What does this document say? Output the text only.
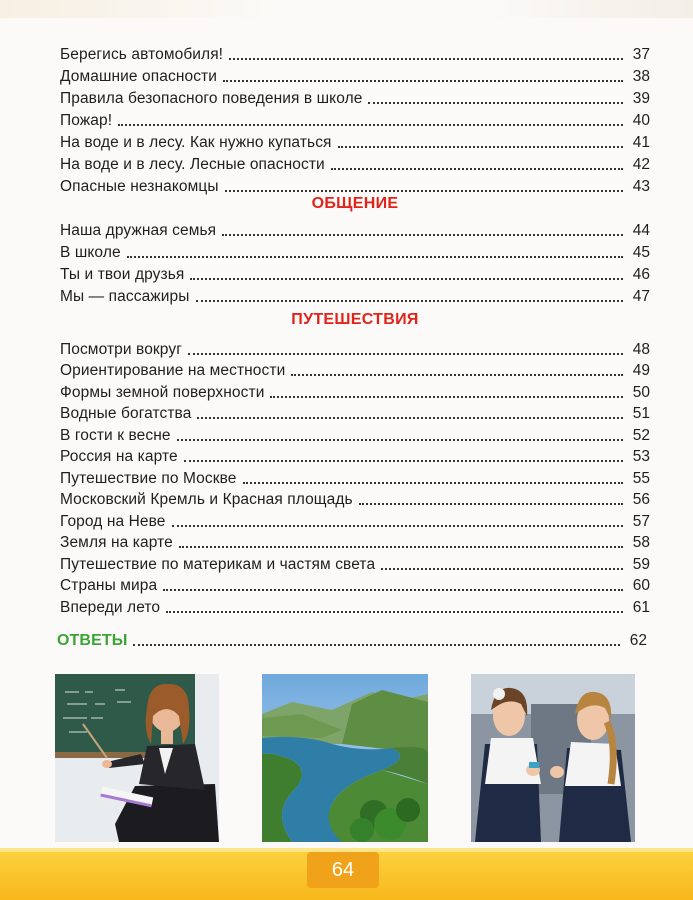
Берегись автомобиля!	37
Домашние опасности	38
Правила безопасного поведения в школе	39
Пожар!	40
На воде и в лесу. Как нужно купаться	41
На воде и в лесу. Лесные опасности	42
Опасные незнакомцы	43
ОБЩЕНИЕ
Наша дружная семья	44
В школе	45
Ты и твои друзья	46
Мы — пассажиры	47
ПУТЕШЕСТВИЯ
Посмотри вокруг	48
Ориентирование на местности	49
Формы земной поверхности	50
Водные богатства	51
В гости к весне	52
Россия на карте	53
Путешествие по Москве	55
Московский Кремль и Красная площадь	56
Город на Неве	57
Земля на карте	58
Путешествие по материкам и частям света	59
Страны мира	60
Впереди лето	61
ОТВЕТЫ	62
64
